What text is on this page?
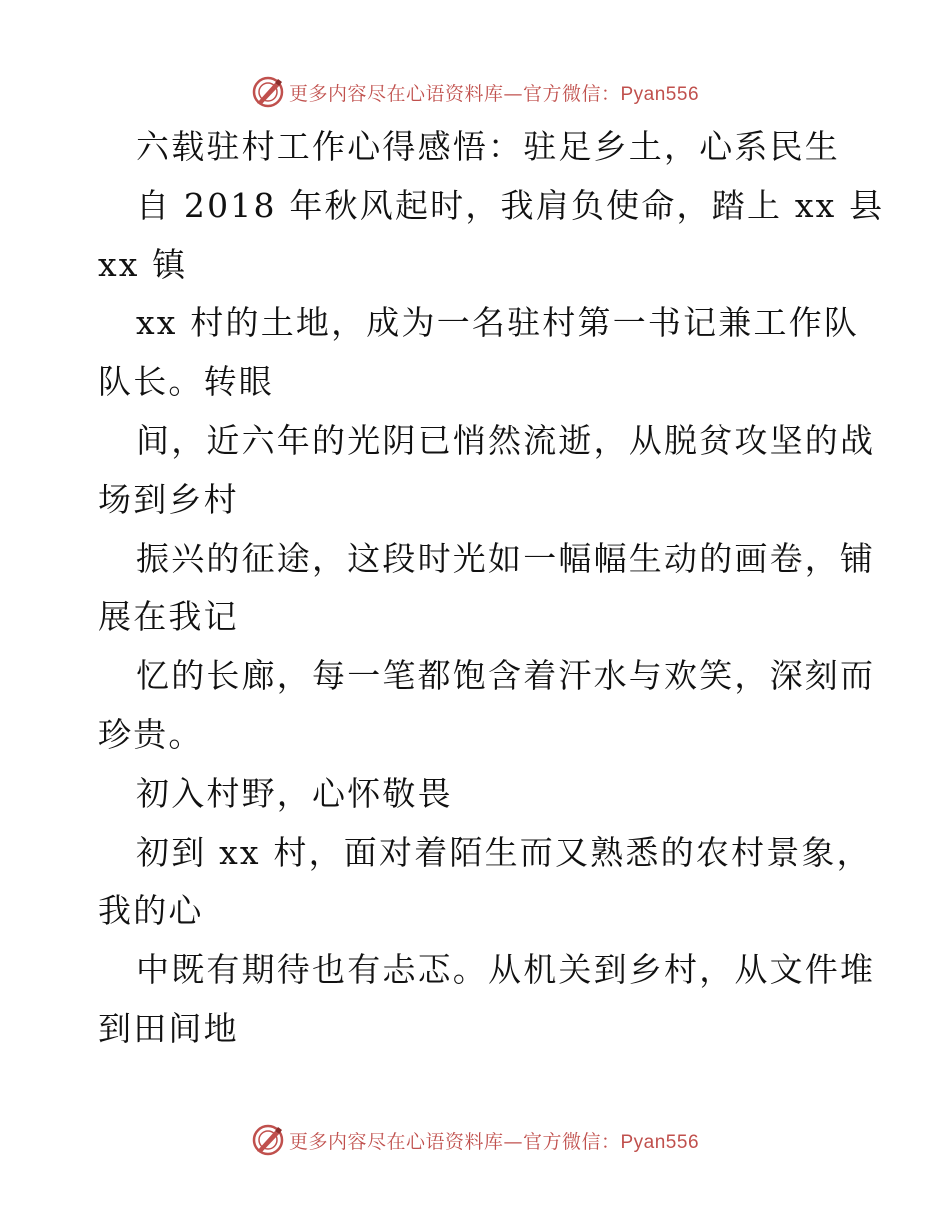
更多内容尽在心语资料库—官方微信：Pyan556
六载驻村工作心得感悟：驻足乡土，心系民生
自 2018 年秋风起时，我肩负使命，踏上 xx 县
xx 镇
xx 村的土地，成为一名驻村第一书记兼工作队
队长。转眼
间，近六年的光阴已悄然流逝，从脱贫攻坚的战
场到乡村
振兴的征途，这段时光如一幅幅生动的画卷，铺
展在我记
忆的长廊，每一笔都饱含着汗水与欢笑，深刻而
珍贵。
初入村野，心怀敬畏
初到 xx 村，面对着陌生而又熟悉的农村景象，
我的心
中既有期待也有忐忑。从机关到乡村，从文件堆
到田间地
更多内容尽在心语资料库—官方微信：Pyan556
